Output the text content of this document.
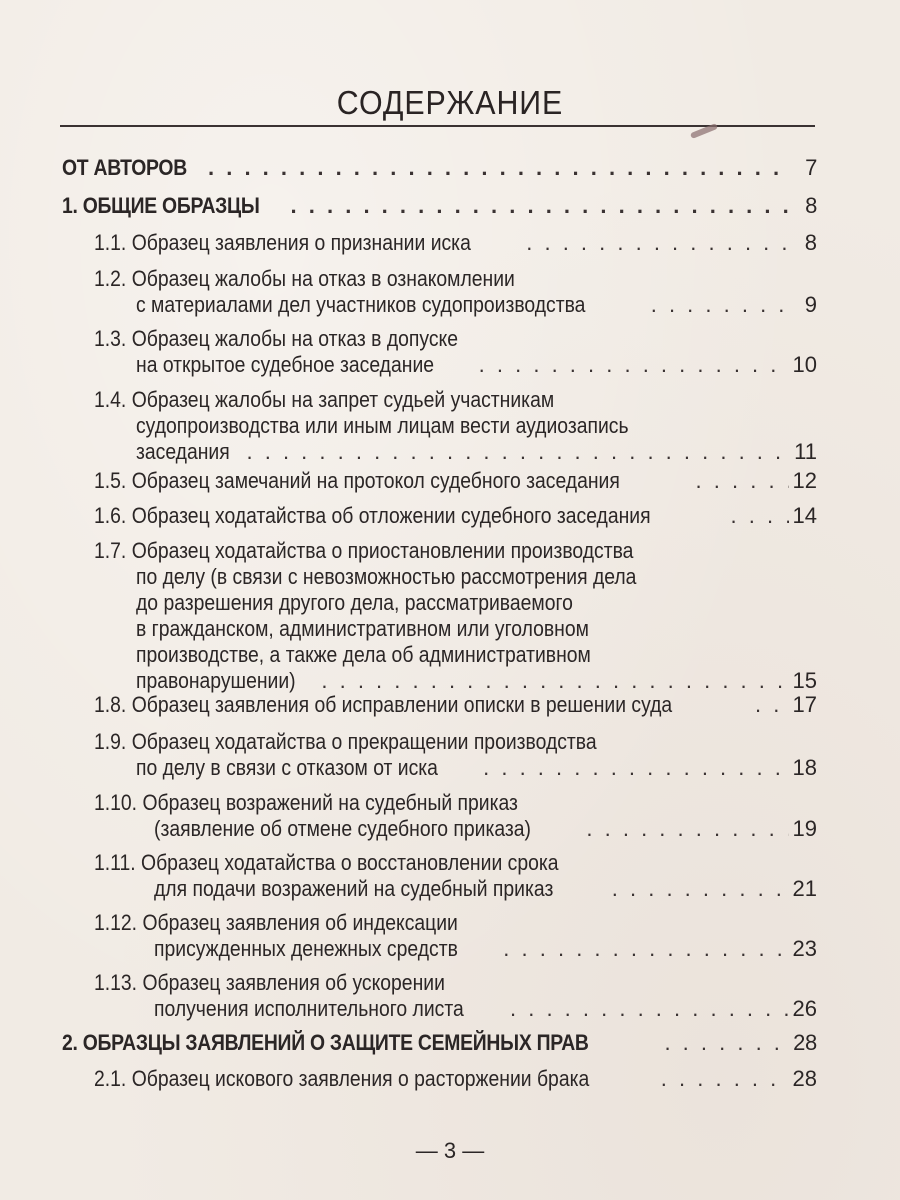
СОДЕРЖАНИЕ
ОТ АВТОРОВ . . .	7
1. ОБЩИЕ ОБРАЗЦЫ . . .	8
1.1. Образец заявления о признании иска . . .	8
1.2. Образец жалобы на отказ в ознакомлении
с материалами дел участников судопроизводства . . .	9
1.3. Образец жалобы на отказ в допуске
на открытое судебное заседание . . .	10
1.4. Образец жалобы на запрет судьей участникам
судопроизводства или иным лицам вести аудиозапись
заседания . . .	11
1.5. Образец замечаний на протокол судебного заседания . . .	12
1.6. Образец ходатайства об отложении судебного заседания . . .	14
1.7. Образец ходатайства о приостановлении производства
по делу (в связи с невозможностью рассмотрения дела
до разрешения другого дела, рассматриваемого
в гражданском, административном или уголовном
производстве, а также дела об административном
правонарушении) . . .	15
1.8. Образец заявления об исправлении описки в решении суда . . .	17
1.9. Образец ходатайства о прекращении производства
по делу в связи с отказом от иска . . .	18
1.10. Образец возражений на судебный приказ
(заявление об отмене судебного приказа) . . .	19
1.11. Образец ходатайства о восстановлении срока
для подачи возражений на судебный приказ . . .	21
1.12. Образец заявления об индексации
присужденных денежных средств . . .	23
1.13. Образец заявления об ускорении
получения исполнительного листа . . .	26
2. ОБРАЗЦЫ ЗАЯВЛЕНИЙ О ЗАЩИТЕ СЕМЕЙНЫХ ПРАВ . . .	28
2.1. Образец искового заявления о расторжении брака . . .	28
— 3 —
